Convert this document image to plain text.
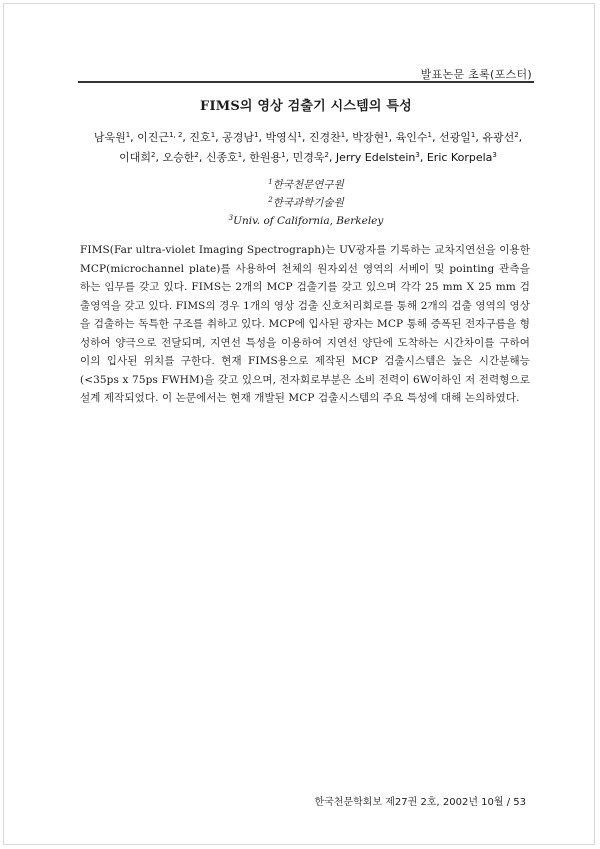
발표논문 초록(포스터)
FIMS의 영상 검출기 시스템의 특성
남욱원$^1$, 이진근$^{1, 2}$, 진호$^1$, 공경남$^1$, 박영식$^1$, 진경찬$^1$, 박장현$^1$, 육인수$^1$, 선광일$^1$, 유광선$^2$,
이대희$^2$, 오승한$^2$, 신종호$^1$, 한원용$^1$, 민경욱$^2$, Jerry Edelstein$^3$, Eric Korpela$^3$
$^1$한국천문연구원
$^2$한국과학기술원
$^3$Univ. of California, Berkeley
FIMS(Far ultra-violet Imaging Spectrograph)는 UV광자를 기록하는 교차지연선을 이용한 MCP(microchannel plate)를 사용하여 천체의 원자외선 영역의 서베이 및 pointing 관측을 하는 임무를 갖고 있다. FIMS는 2개의 MCP 검출기를 갖고 있으며 각각 25 mm X 25 mm 검출영역을 갖고 있다. FIMS의 경우 1개의 영상 검출 신호처리회로를 통해 2개의 검출 영역의 영상을 검출하는 독특한 구조를 취하고 있다. MCP에 입사된 광자는 MCP 통해 증폭된 전자구름을 형성하여 양극으로 전달되며, 지연선 특성을 이용하여 지연선 양단에 도착하는 시간차이를 구하여 이의 입사된 위치를 구한다. 현재 FIMS용으로 제작된 MCP 검출시스템은 높은 시간분해능(<35ps x 75ps FWHM)을 갖고 있으며, 전자회로부분은 소비 전력이 6W이하인 저 전력형으로 설계 제작되었다. 이 논문에서는 현재 개발된 MCP 검출시스템의 주요 특성에 대해 논의하였다.
한국천문학회보 제27권 2호, 2002년 10월 / 53
